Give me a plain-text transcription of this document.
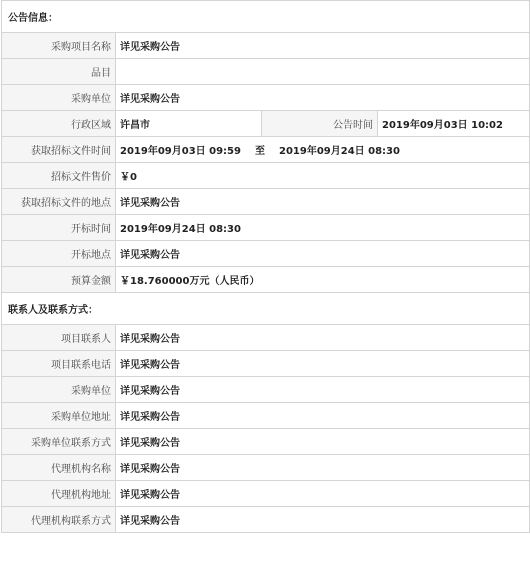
公告信息：			
采购项目名称	详见采购公告		
品目			
采购单位	详见采购公告		
行政区域	许昌市	公告时间	2019年09月03日 10:02
获取招标文件时间	2019年09月03日 09:59 至 2019年09月24日 08:30		
招标文件售价	￥0		
获取招标文件的地点	详见采购公告		
开标时间	2019年09月24日 08:30		
开标地点	详见采购公告		
预算金额	￥18.760000万元（人民币）		
联系人及联系方式：			
项目联系人	详见采购公告		
项目联系电话	详见采购公告		
采购单位	详见采购公告		
采购单位地址	详见采购公告		
采购单位联系方式	详见采购公告		
代理机构名称	详见采购公告		
代理机构地址	详见采购公告		
代理机构联系方式	详见采购公告		
